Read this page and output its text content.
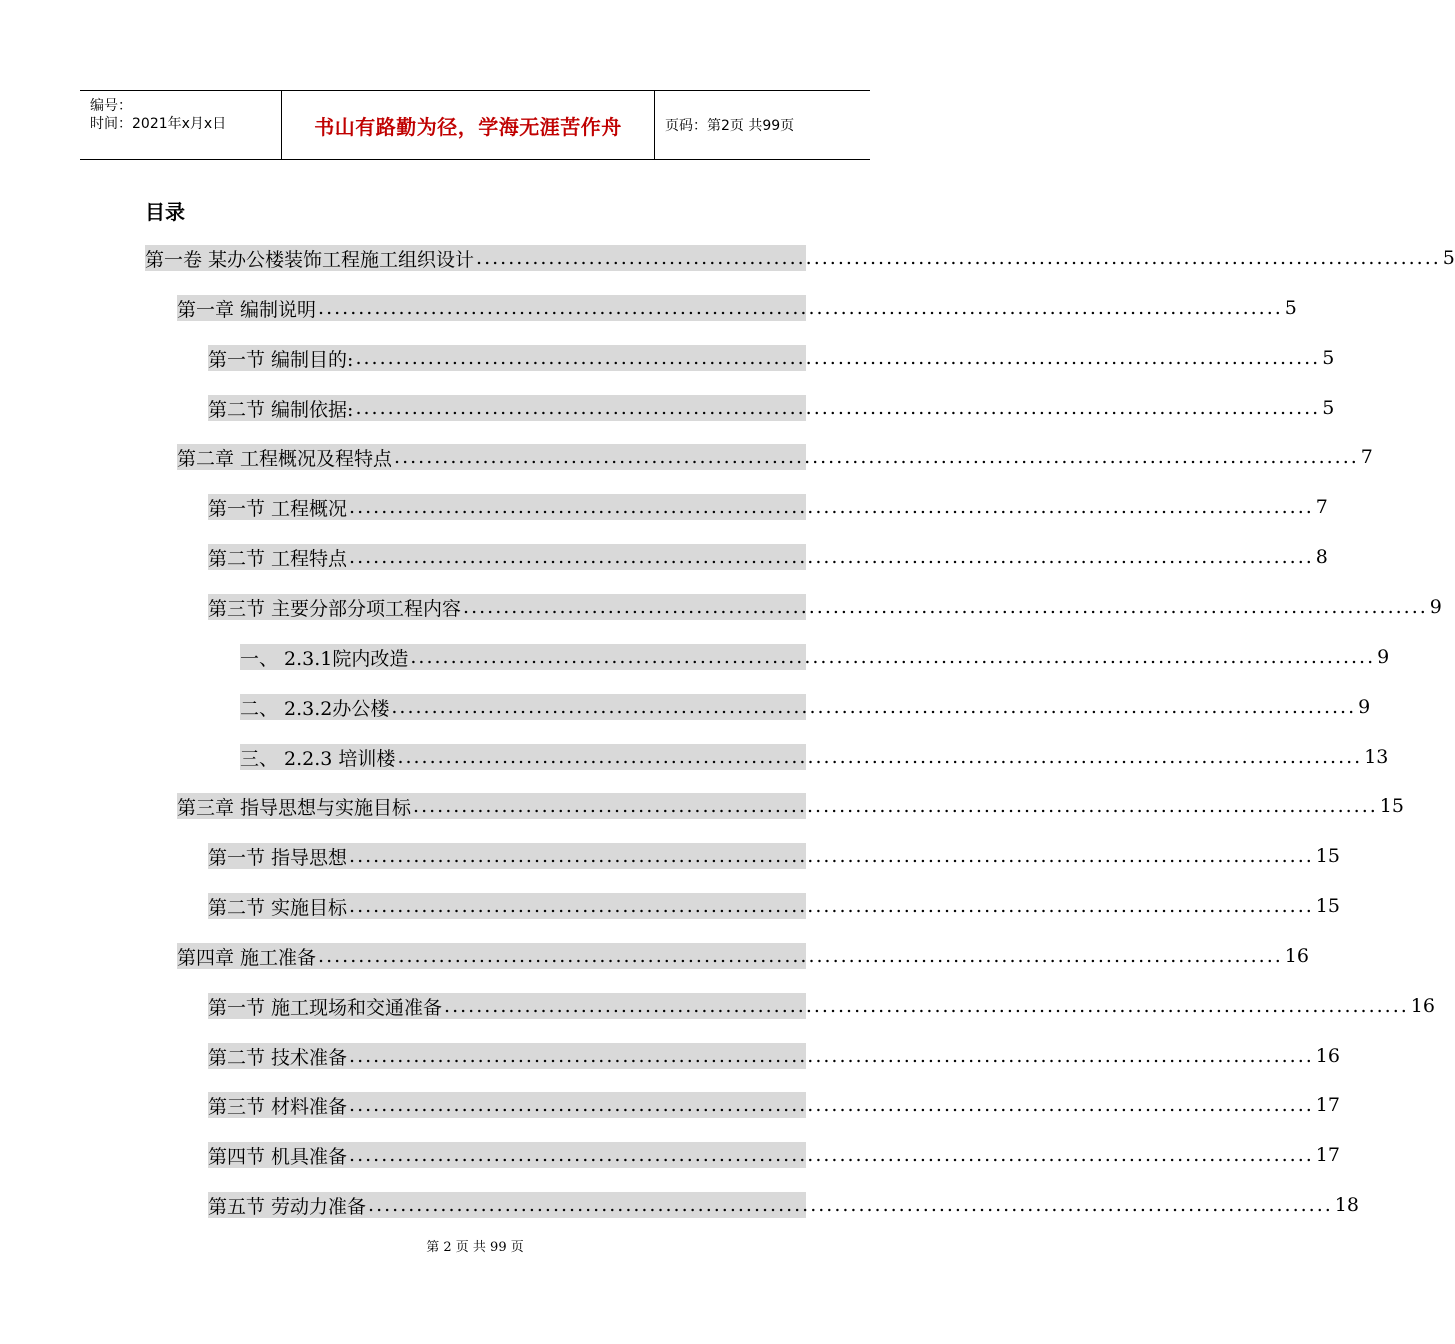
编号：
时间：2021年x月x日	书山有路勤为径，学海无涯苦作舟	页码：第2页 共99页
目录
第一卷 某办公楼装饰工程施工组织设计 ........................................................................................................................ 5
第一章 编制说明 ........................................................................................................................ 5
第一节 编制目的: ........................................................................................................................ 5
第二节 编制依据: ........................................................................................................................ 5
第二章 工程概况及程特点 ........................................................................................................................ 7
第一节 工程概况 ........................................................................................................................ 7
第二节 工程特点 ........................................................................................................................ 8
第三节 主要分部分项工程内容 ........................................................................................................................ 9
一、 2.3.1院内改造 ........................................................................................................................ 9
二、 2.3.2办公楼 ........................................................................................................................ 9
三、 2.2.3 培训楼 ........................................................................................................................ 13
第三章 指导思想与实施目标 ........................................................................................................................ 15
第一节 指导思想 ........................................................................................................................ 15
第二节 实施目标 ........................................................................................................................ 15
第四章 施工准备 ........................................................................................................................ 16
第一节 施工现场和交通准备 ........................................................................................................................ 16
第二节 技术准备 ........................................................................................................................ 16
第三节 材料准备 ........................................................................................................................ 17
第四节 机具准备 ........................................................................................................................ 17
第五节 劳动力准备 ........................................................................................................................ 18
第 2 页 共 99 页
